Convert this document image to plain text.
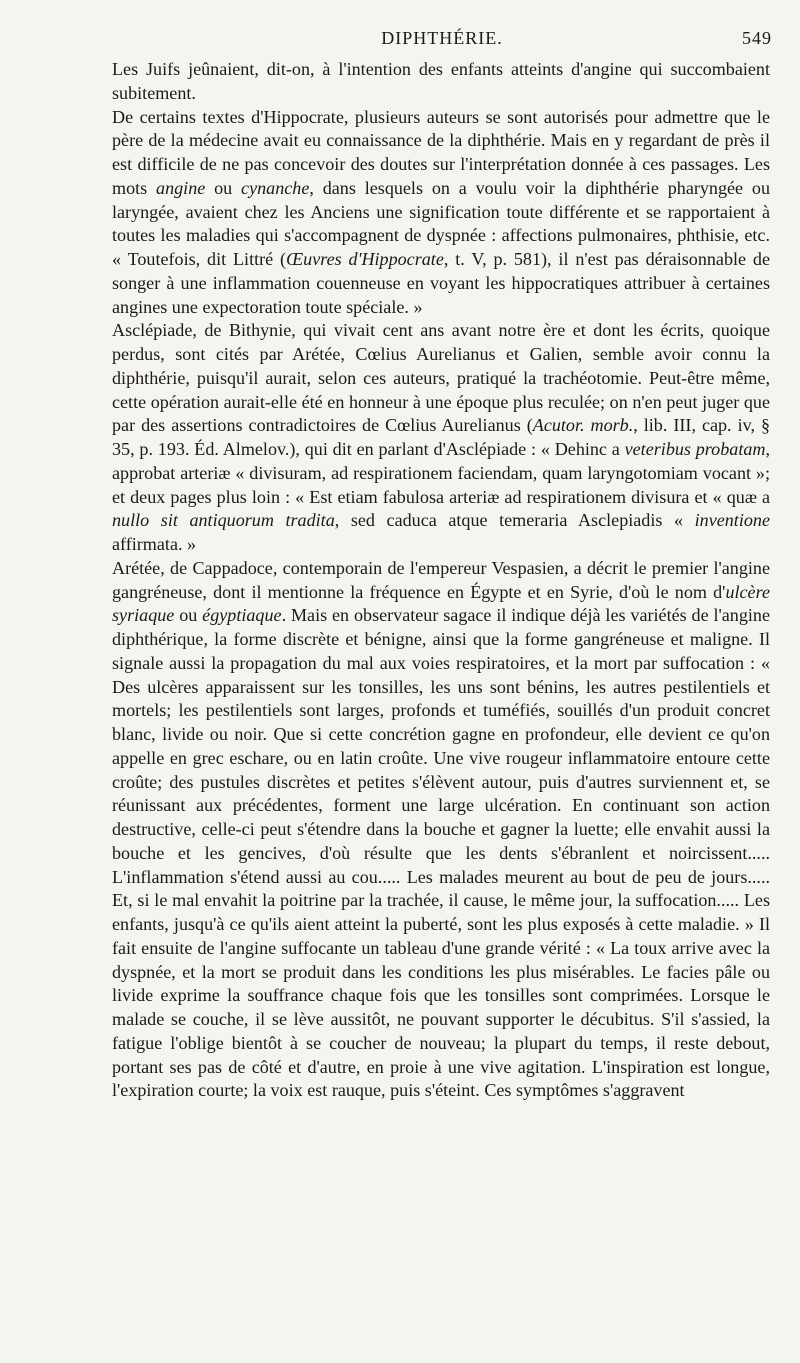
DIPHTHÉRIE.	549

Les Juifs jeûnaient, dit-on, à l'intention des enfants atteints d'angine qui succombaient subitement.

De certains textes d'Hippocrate, plusieurs auteurs se sont autorisés pour admettre que le père de la médecine avait eu connaissance de la diphthérie. Mais en y regardant de près il est difficile de ne pas concevoir des doutes sur l'interprétation donnée à ces passages. Les mots angine ou cynanche, dans lesquels on a voulu voir la diphthérie pharyngée ou laryngée, avaient chez les Anciens une signification toute différente et se rapportaient à toutes les maladies qui s'accompagnent de dyspnée : affections pulmonaires, phthisie, etc. « Toutefois, dit Littré (Œuvres d'Hippocrate, t. V, p. 581), il n'est pas déraisonnable de songer à une inflammation couenneuse en voyant les hippocratiques attribuer à certaines angines une expectoration toute spéciale. »

Asclépiade, de Bithynie, qui vivait cent ans avant notre ère et dont les écrits, quoique perdus, sont cités par Arétée, Cœlius Aurelianus et Galien, semble avoir connu la diphthérie, puisqu'il aurait, selon ces auteurs, pratiqué la trachéotomie. Peut-être même, cette opération aurait-elle été en honneur à une époque plus reculée; on n'en peut juger que par des assertions contradictoires de Cœlius Aurelianus (Acutor. morb., lib. III, cap. iv, § 35, p. 193. Éd. Almelov.), qui dit en parlant d'Asclépiade : « Dehinc a veteribus probatam, approbat arteriæ « divisuram, ad respirationem faciendam, quam laryngotomiam vocant »; et deux pages plus loin : « Est etiam fabulosa arteriæ ad respirationem divisura et « quæ a nullo sit antiquorum tradita, sed caduca atque temeraria Asclepiadis « inventione affirmata. »

Arétée, de Cappadoce, contemporain de l'empereur Vespasien, a décrit le premier l'angine gangréneuse, dont il mentionne la fréquence en Égypte et en Syrie, d'où le nom d'ulcère syriaque ou égyptiaque. Mais en observateur sagace il indique déjà les variétés de l'angine diphthérique, la forme discrète et bénigne, ainsi que la forme gangréneuse et maligne. Il signale aussi la propagation du mal aux voies respiratoires, et la mort par suffocation : « Des ulcères apparaissent sur les tonsilles, les uns sont bénins, les autres pestilentiels et mortels; les pestilentiels sont larges, profonds et tuméfiés, souillés d'un produit concret blanc, livide ou noir. Que si cette concrétion gagne en profondeur, elle devient ce qu'on appelle en grec eschare, ou en latin croûte. Une vive rougeur inflammatoire entoure cette croûte; des pustules discrètes et petites s'élèvent autour, puis d'autres surviennent et, se réunissant aux précédentes, forment une large ulcération. En continuant son action destructive, celle-ci peut s'étendre dans la bouche et gagner la luette; elle envahit aussi la bouche et les gencives, d'où résulte que les dents s'ébranlent et noircissent..... L'inflammation s'étend aussi au cou..... Les malades meurent au bout de peu de jours..... Et, si le mal envahit la poitrine par la trachée, il cause, le même jour, la suffocation..... Les enfants, jusqu'à ce qu'ils aient atteint la puberté, sont les plus exposés à cette maladie. » Il fait ensuite de l'angine suffocante un tableau d'une grande vérité : « La toux arrive avec la dyspnée, et la mort se produit dans les conditions les plus misérables. Le facies pâle ou livide exprime la souffrance chaque fois que les tonsilles sont comprimées. Lorsque le malade se couche, il se lève aussitôt, ne pouvant supporter le décubitus. S'il s'assied, la fatigue l'oblige bientôt à se coucher de nouveau; la plupart du temps, il reste debout, portant ses pas de côté et d'autre, en proie à une vive agitation. L'inspiration est longue, l'expiration courte; la voix est rauque, puis s'éteint. Ces symptômes s'aggravent
